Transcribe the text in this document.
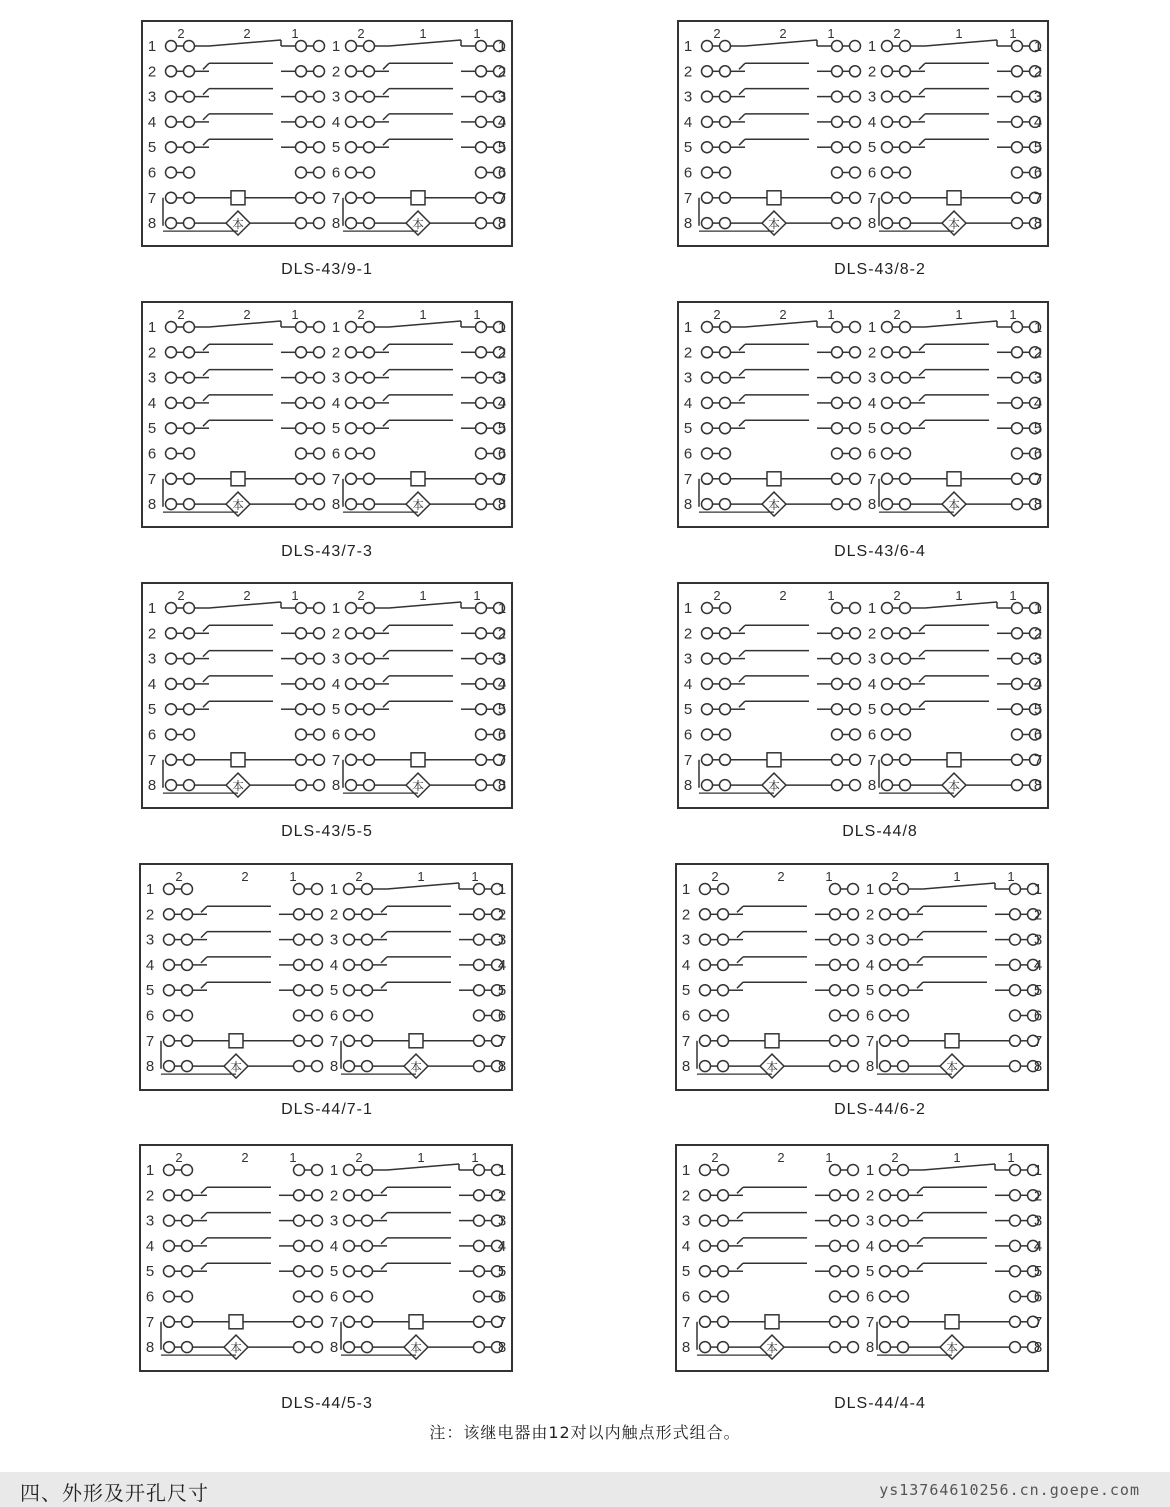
2	2	1	2	1	1
1	1	1
2	2	2
3	3	3
4	4	4
5	5	5
6	6	6
7	7	7
8	8
本	8
本
DLS-43/9-1
2	2	1	2	1	1
1	1	1
2	2	2
3	3	3
4	4	4
5	5	5
6	6	6
7	7	7
8	8
本	8
本
DLS-43/8-2
2	2	1	2	1	1
1	1	1
2	2	2
3	3	3
4	4	4
5	5	5
6	6	6
7	7	7
8	8
本	8
本
DLS-43/7-3
2	2	1	2	1	1
1	1	1
2	2	2
3	3	3
4	4	4
5	5	5
6	6	6
7	7	7
8	8
本	8
本
DLS-43/6-4
2	2	1	2	1	1
1	1	1
2	2	2
3	3	3
4	4	4
5	5	5
6	6	6
7	7	7
8	8
本	8
本
DLS-43/5-5
2	2	1	2	1	1
1	1	1
2	2	2
3	3	3
4	4	4
5	5	5
6	6	6
7	7	7
8	8
本	8
本
DLS-44/8
2	2	1	2	1	1
1	1	1
2	2	2
3	3	3
4	4	4
5	5	5
6	6	6
7	7	7
8	8
本	8
本
DLS-44/7-1
2	2	1	2	1	1
1	1	1
2	2	2
3	3	3
4	4	4
5	5	5
6	6	6
7	7	7
8	8
本	8
本
DLS-44/6-2
2	2	1	2	1	1
1	1	1
2	2	2
3	3	3
4	4	4
5	5	5
6	6	6
7	7	7
8	8
本	8
本
DLS-44/5-3
2	2	1	2	1	1
1	1	1
2	2	2
3	3	3
4	4	4
5	5	5
6	6	6
7	7	7
8	8
本	8
本
DLS-44/4-4
注：该继电器由12对以内触点形式组合。
四、外形及开孔尺寸	ys13764610256.cn.goepe.com
